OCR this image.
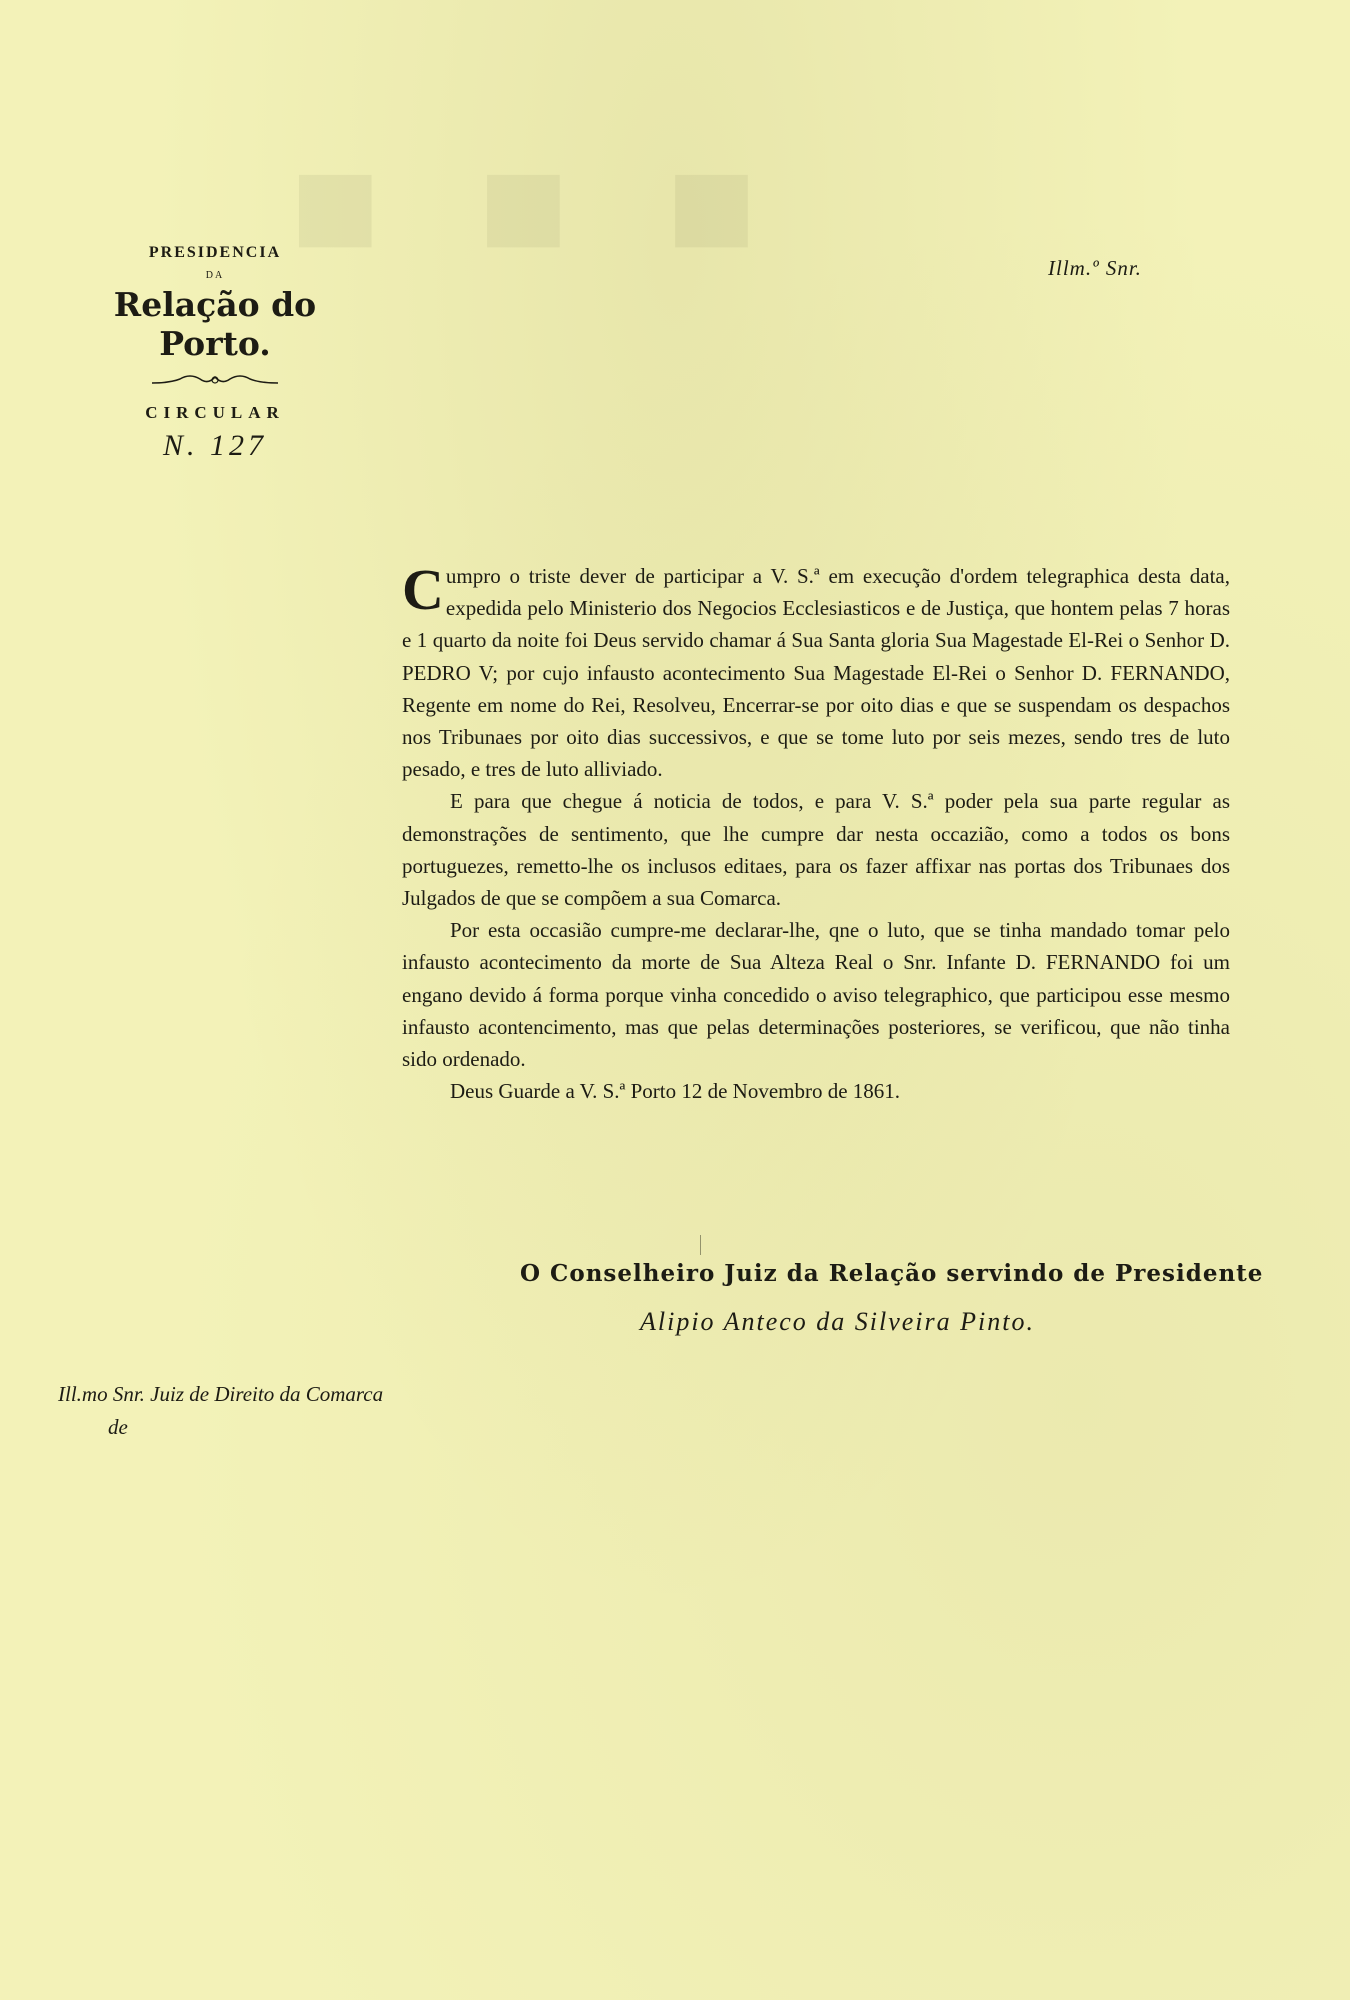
■ ■ ■
PRESIDENCIA
DA
Relação do Porto.
CIRCULAR
N. 127
Illm.º Snr.

Cumpro o triste dever de participar a V. S.ª em execução d'ordem telegraphica desta data, expedida pelo Ministerio dos Negocios Ecclesiasticos e de Justiça, que hontem pelas 7 horas e 1 quarto da noite foi Deus servido chamar á Sua Santa gloria Sua Magestade El-Rei o Senhor D. PEDRO V; por cujo infausto acontecimento Sua Magestade El-Rei o Senhor D. FERNANDO, Regente em nome do Rei, Resolveu, Encerrar-se por oito dias e que se suspendam os despachos nos Tribunaes por oito dias successivos, e que se tome luto por seis mezes, sendo tres de luto pesado, e tres de luto alliviado.

E para que chegue á noticia de todos, e para V. S.ª poder pela sua parte regular as demonstrações de sentimento, que lhe cumpre dar nesta occazião, como a todos os bons portuguezes, remetto-lhe os inclusos editaes, para os fazer affixar nas portas dos Tribunaes dos Julgados de que se compõem a sua Comarca.

Por esta occasião cumpre-me declarar-lhe, qne o luto, que se tinha mandado tomar pelo infausto acontecimento da morte de Sua Alteza Real o Snr. Infante D. FERNANDO foi um engano devido á forma porque vinha concedido o aviso telegraphico, que participou esse mesmo infausto acontencimento, mas que pelas determinações posteriores, se verificou, que não tinha sido ordenado.

Deus Guarde a V. S.ª Porto 12 de Novembro de 1861.

O Conselheiro Juiz da Relação servindo de Presidente
Alipio Anteco da Silveira Pinto.
Ill.mo Snr. Juiz de Direito da Comarca
de
